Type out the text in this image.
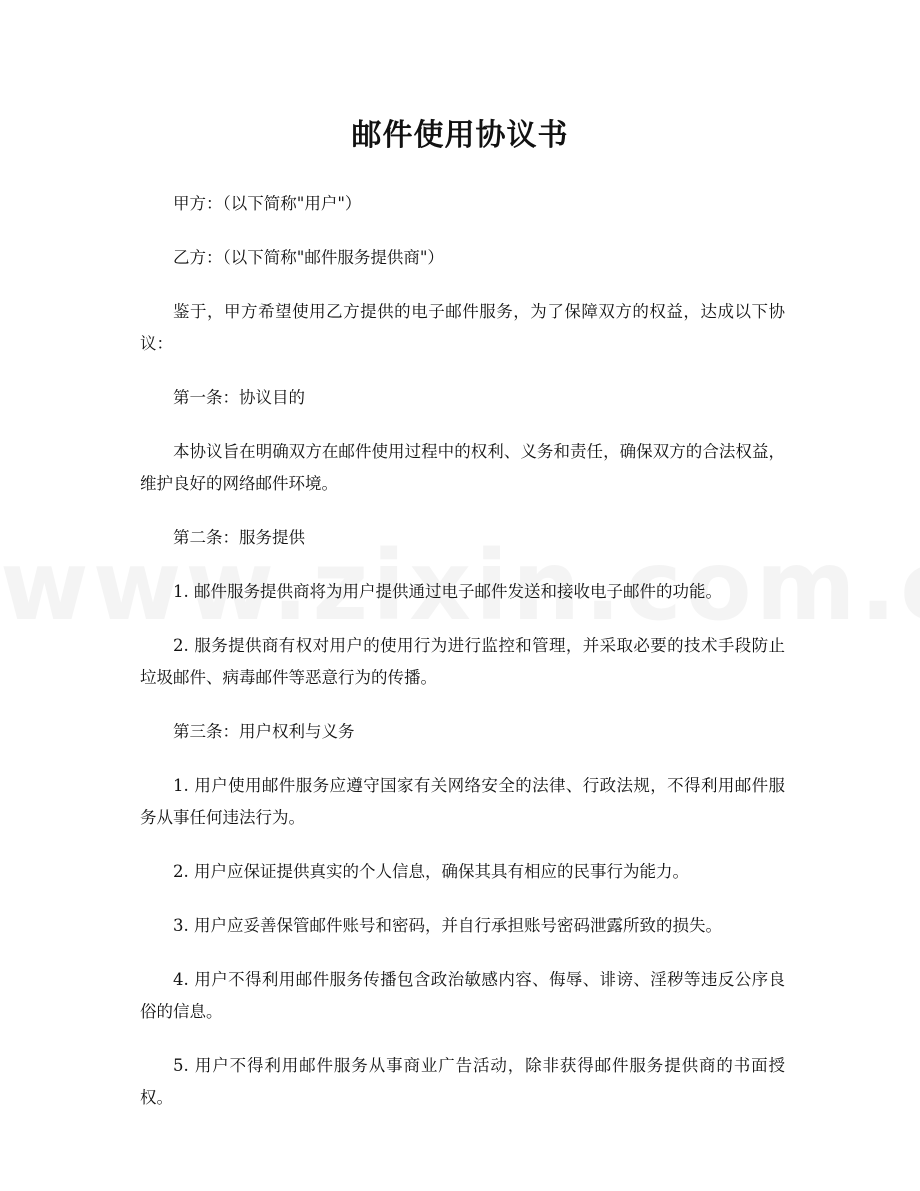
邮件使用协议书

甲方：（以下简称"用户"）

乙方：（以下简称"邮件服务提供商"）

鉴于，甲方希望使用乙方提供的电子邮件服务，为了保障双方的权益，达成以下协议：

第一条：协议目的

本协议旨在明确双方在邮件使用过程中的权利、义务和责任，确保双方的合法权益，维护良好的网络邮件环境。

第二条：服务提供

1. 邮件服务提供商将为用户提供通过电子邮件发送和接收电子邮件的功能。

2. 服务提供商有权对用户的使用行为进行监控和管理，并采取必要的技术手段防止垃圾邮件、病毒邮件等恶意行为的传播。

第三条：用户权利与义务

1. 用户使用邮件服务应遵守国家有关网络安全的法律、行政法规，不得利用邮件服务从事任何违法行为。

2. 用户应保证提供真实的个人信息，确保其具有相应的民事行为能力。

3. 用户应妥善保管邮件账号和密码，并自行承担账号密码泄露所致的损失。

4. 用户不得利用邮件服务传播包含政治敏感内容、侮辱、诽谤、淫秽等违反公序良俗的信息。

5. 用户不得利用邮件服务从事商业广告活动，除非获得邮件服务提供商的书面授权。
